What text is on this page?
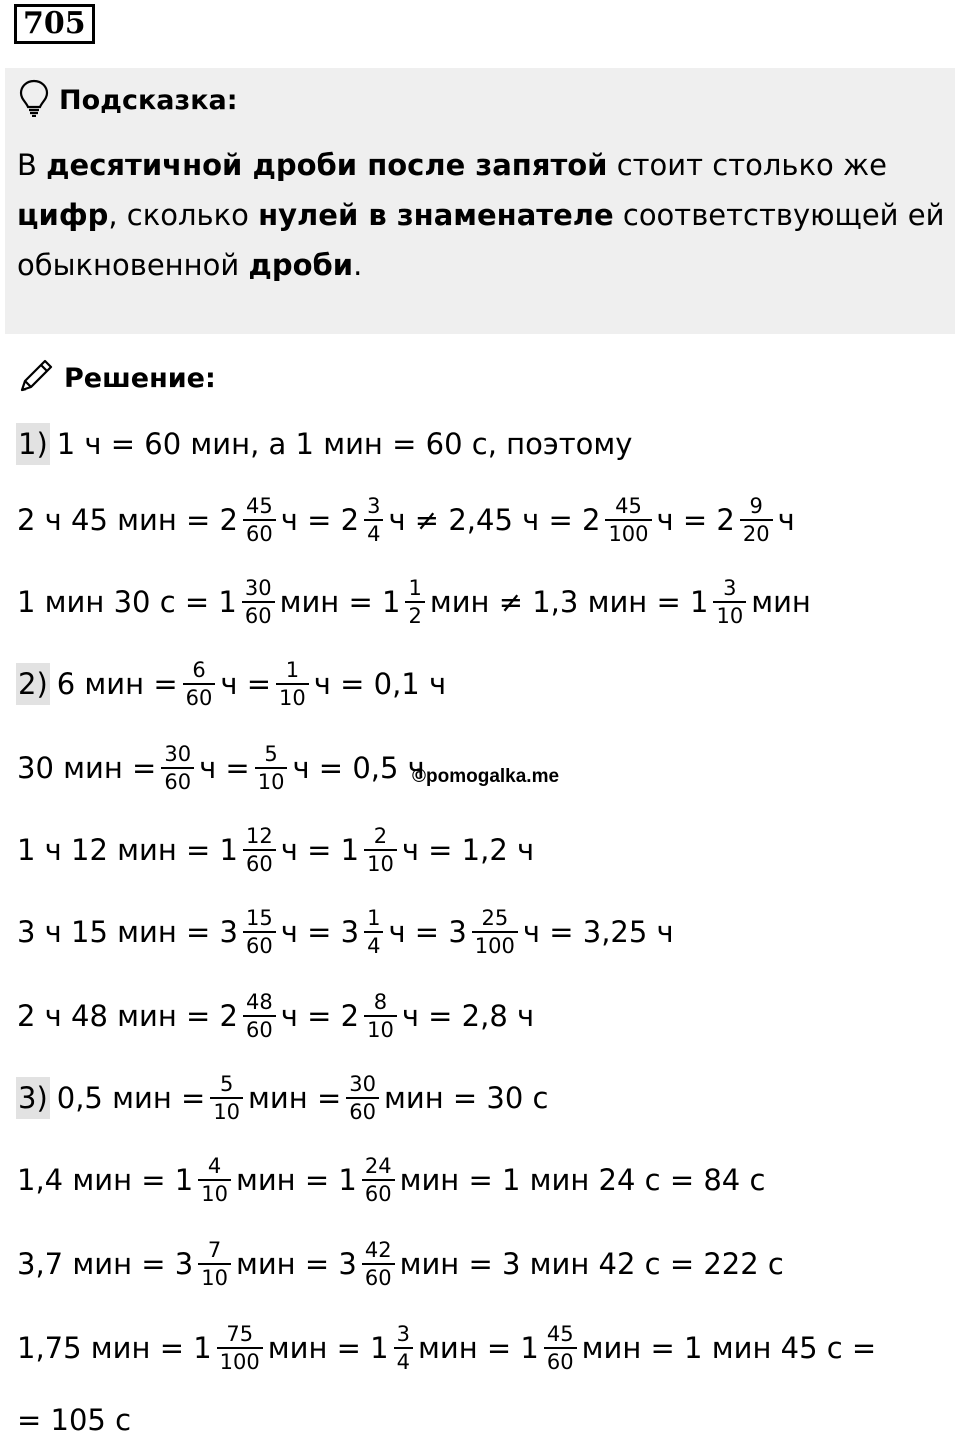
705
Подсказка:
В десятичной дроби после запятой стоит столько же цифр, сколько нулей в знаменателе соответствующей ей обыкновенной дроби.
Решение:
1) 1 ч = 60 мин, а 1 мин = 60 с, поэтому
2 ч 45 мин = $2 \frac{45}{60}$ $ч = 2 \frac{3}{4}$ ч ≠ 2,45 $ч = 2 \frac{45}{100}$ $ч = 2 \frac{9}{20}$ ч
1 мин 30 $с = 1 \frac{30}{60}$ мин = $1 \frac{1}{2}$ мин ≠ 1,3 мин = $1 \frac{3}{10}$ мин
2) 6 мин = $\frac{6}{60}$ $ч = \frac{1}{10}$ ч = 0,1 ч
30 мин = $\frac{30}{60}$ $ч = \frac{5}{10}$ ч = 0,5 ч
1 ч 12 мин = $1 \frac{12}{60}$ $ч = 1 \frac{2}{10}$ ч = 1,2 ч
3 ч 15 мин = $3 \frac{15}{60}$ $ч = 3 \frac{1}{4}$ $ч = 3 \frac{25}{100}$ ч = 3,25 ч
2 ч 48 мин = $2 \frac{48}{60}$ $ч = 2 \frac{8}{10}$ ч = 2,8 ч
3) 0,5 мин = $\frac{5}{10}$ мин = $\frac{30}{60}$ мин = 30 с
1,4 мин = $1 \frac{4}{10}$ мин = $1 \frac{24}{60}$ мин = 1 мин 24 с = 84 с
3,7 мин = $3 \frac{7}{10}$ мин = $3 \frac{42}{60}$ мин = 3 мин 42 с = 222 с
1,75 мин = $1 \frac{75}{100}$ мин = $1 \frac{3}{4}$ мин = $1 \frac{45}{60}$ мин = 1 мин 45 с =
= 105 с
©pomogalka.me
